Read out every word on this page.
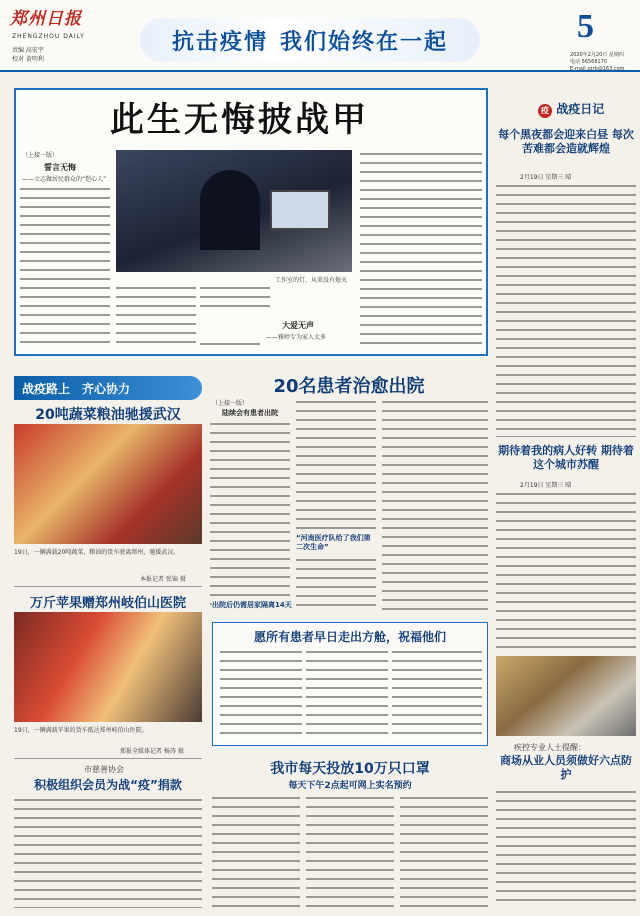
郑州日报
ZHENGZHOU DAILY
责编 高宏宇
校对 黄明利
抗击疫情 我们始终在一起	5
2020年2月20日 星期四
电话 56568170
E-mail zzrb@163.com
此生无悔披战甲
（上接一版）
誓言无悔
——立志做居民群众的“铠心人”
工作室的灯，从来没有熄灭
大爱无声
——雅婷专为家人太多
战疫路上 齐心协力
20吨蔬菜粮油驰援武汉
19日，一辆满载20吨蔬菜、粮油的货车驶离郑州，驰援武汉。
本报记者 张锦 摄
万斤苹果赠郑州岐伯山医院
19日，一辆满载苹果的货车抵达郑州岐伯山医院。
郑报全媒体记者 杨涛 摄
市慈善协会
积极组织会员为战“疫”捐款
20名患者治愈出院
（上接一版）
陆续会有患者出院
“河南医疗队给了我们第二次生命”
出院后仍需居家隔离14天
愿所有患者早日走出方舱，祝福他们
我市每天投放10万只口罩
每天下午2点起可网上实名预约
疫 战疫日记
每个黑夜都会迎来白昼 每次苦难都会造就辉煌
2月19日 星期三 晴
期待着我的病人好转 期待着这个城市苏醒
2月19日 星期三 晴
疾控专业人士提醒：
商场从业人员须做好六点防护
